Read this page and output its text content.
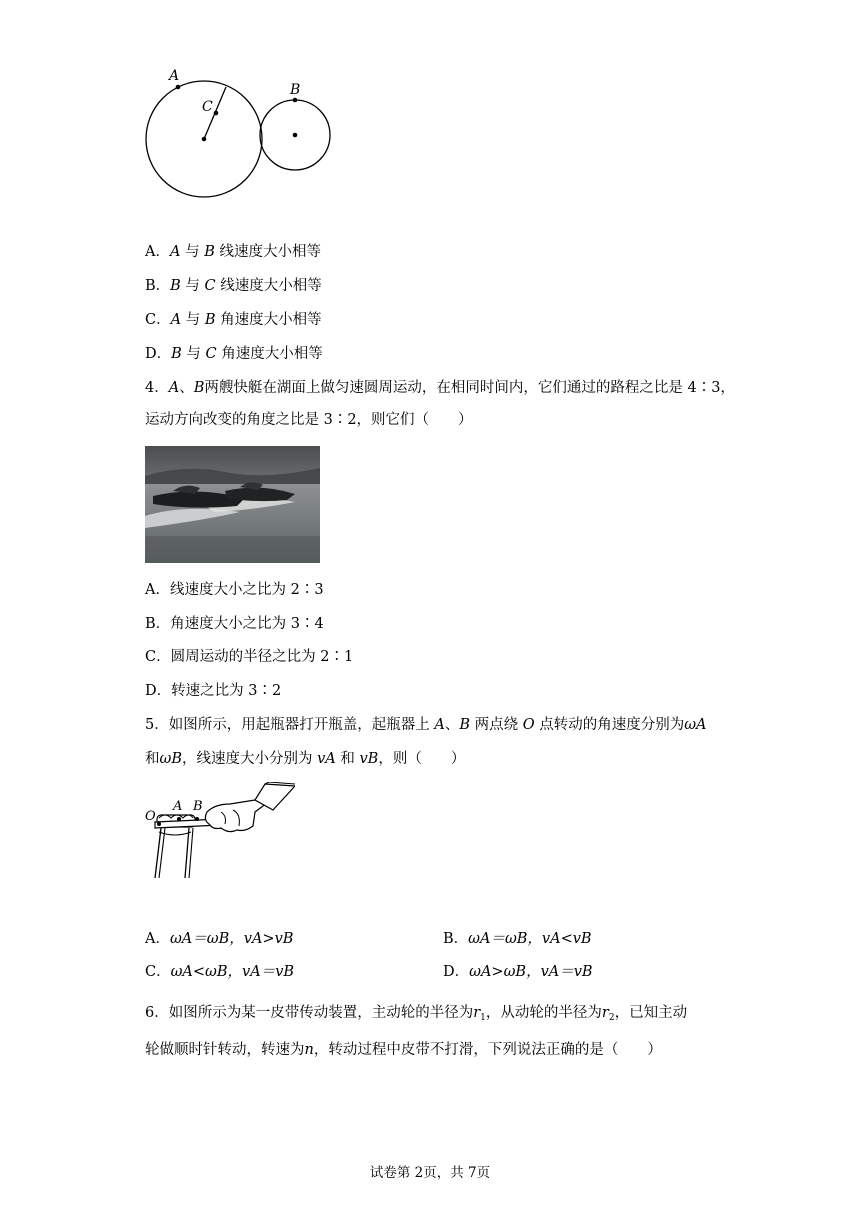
A
B
C
A．A 与 B 线速度大小相等
B．B 与 C 线速度大小相等
C．A 与 B 角速度大小相等
D．B 与 C 角速度大小相等
4．A、B两艘快艇在湖面上做匀速圆周运动，在相同时间内，它们通过的路程之比是 4∶3，
运动方向改变的角度之比是 3∶2，则它们（　　）
A．线速度大小之比为 2∶3
B．角速度大小之比为 3∶4
C．圆周运动的半径之比为 2∶1
D．转速之比为 3∶2
5．如图所示，用起瓶器打开瓶盖，起瓶器上 A、B 两点绕 O 点转动的角速度分别为ωA
和ωB，线速度大小分别为 vA 和 vB，则（　　）
O
A B
A．ωA＝ωB，vA>vB	B．ωA＝ωB，vA<vB
C．ωA<ωB，vA＝vB	D．ωA>ωB，vA＝vB
6．如图所示为某一皮带传动装置，主动轮的半径为$r_1$，从动轮的半径为$r_2$，已知主动
轮做顺时针转动，转速为n，转动过程中皮带不打滑，下列说法正确的是（　　）
试卷第 2页，共 7页
